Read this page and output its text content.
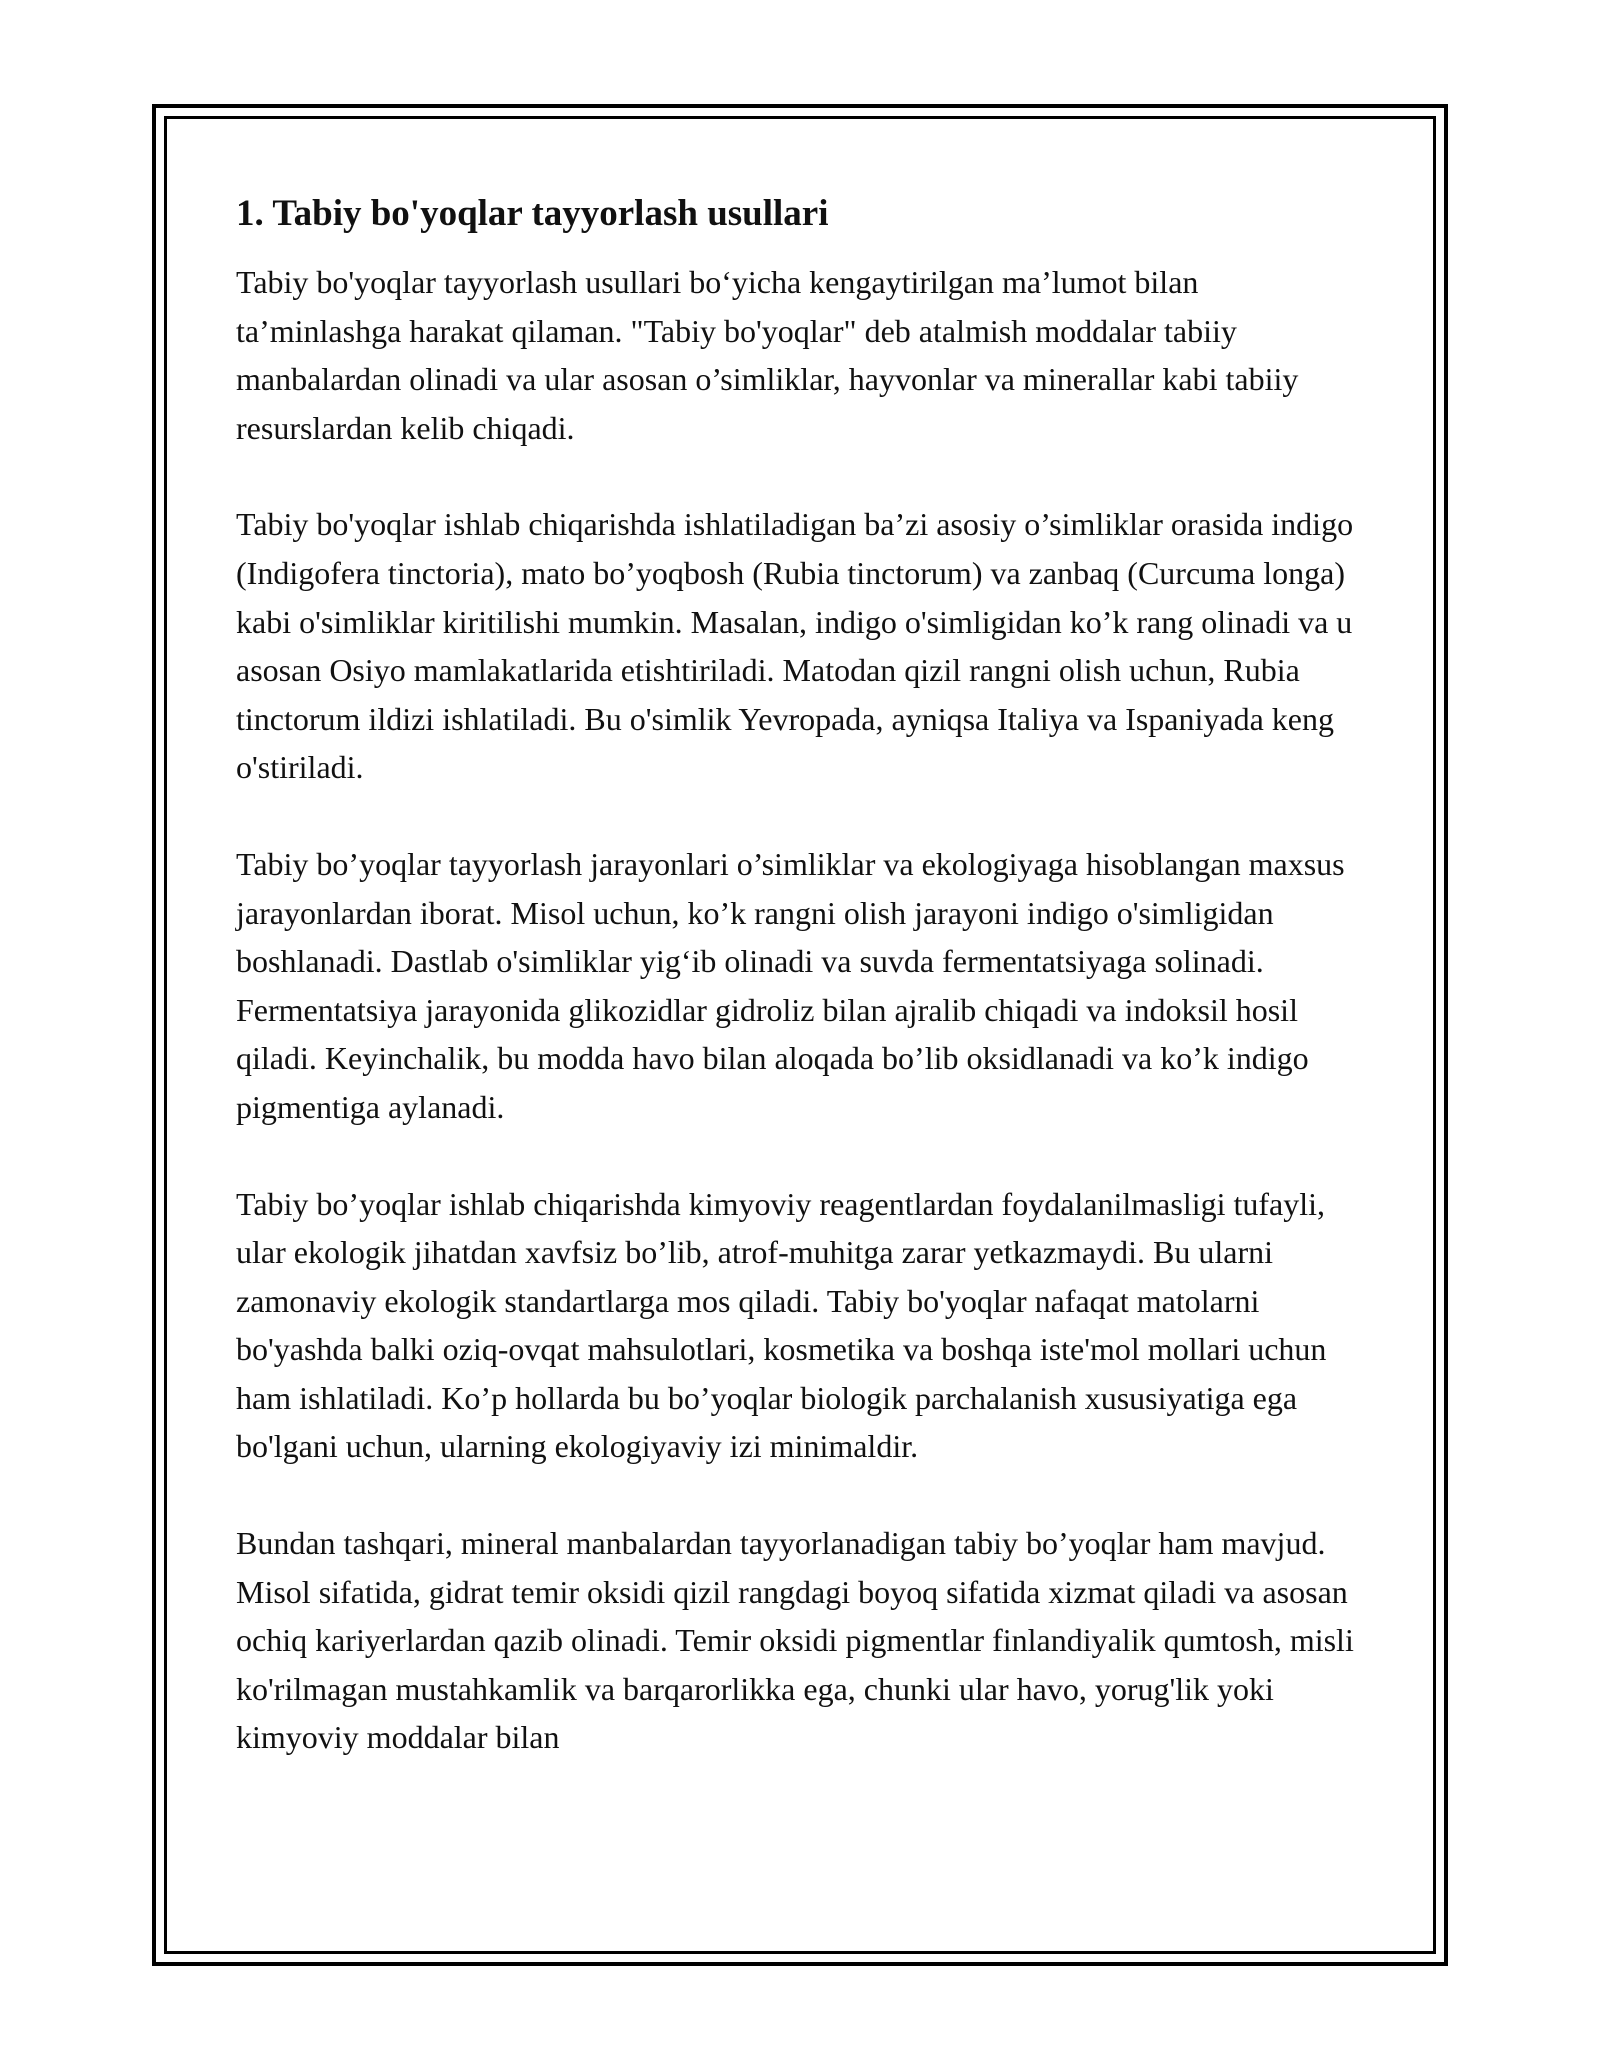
1. Tabiy bo'yoqlar tayyorlash usullari

Tabiy bo'yoqlar tayyorlash usullari bo‘yicha kengaytirilgan ma’lumot bilan ta’minlashga harakat qilaman. "Tabiy bo'yoqlar" deb atalmish moddalar tabiiy manbalardan olinadi va ular asosan o’simliklar, hayvonlar va minerallar kabi tabiiy resurslardan kelib chiqadi.

Tabiy bo'yoqlar ishlab chiqarishda ishlatiladigan ba’zi asosiy o’simliklar orasida indigo (Indigofera tinctoria), mato bo’yoqbosh (Rubia tinctorum) va zanbaq (Curcuma longa) kabi o'simliklar kiritilishi mumkin. Masalan, indigo o'simligidan ko’k rang olinadi va u asosan Osiyo mamlakatlarida etishtiriladi. Matodan qizil rangni olish uchun, Rubia tinctorum ildizi ishlatiladi. Bu o'simlik Yevropada, ayniqsa Italiya va Ispaniyada keng o'stiriladi.

Tabiy bo’yoqlar tayyorlash jarayonlari o’simliklar va ekologiyaga hisoblangan maxsus jarayonlardan iborat. Misol uchun, ko’k rangni olish jarayoni indigo o'simligidan boshlanadi. Dastlab o'simliklar yig‘ib olinadi va suvda fermentatsiyaga solinadi. Fermentatsiya jarayonida glikozidlar gidroliz bilan ajralib chiqadi va indoksil hosil qiladi. Keyinchalik, bu modda havo bilan aloqada bo’lib oksidlanadi va ko’k indigo pigmentiga aylanadi.

Tabiy bo’yoqlar ishlab chiqarishda kimyoviy reagentlardan foydalanilmasligi tufayli, ular ekologik jihatdan xavfsiz bo’lib, atrof-muhitga zarar yetkazmaydi. Bu ularni zamonaviy ekologik standartlarga mos qiladi. Tabiy bo'yoqlar nafaqat matolarni bo'yashda balki oziq-ovqat mahsulotlari, kosmetika va boshqa iste'mol mollari uchun ham ishlatiladi. Ko’p hollarda bu bo’yoqlar biologik parchalanish xususiyatiga ega bo'lgani uchun, ularning ekologiyaviy izi minimaldir.

Bundan tashqari, mineral manbalardan tayyorlanadigan tabiy bo’yoqlar ham mavjud. Misol sifatida, gidrat temir oksidi qizil rangdagi boyoq sifatida xizmat qiladi va asosan ochiq kariyerlardan qazib olinadi. Temir oksidi pigmentlar finlandiyalik qumtosh, misli ko'rilmagan mustahkamlik va barqarorlikka ega, chunki ular havo, yorug'lik yoki kimyoviy moddalar bilan
